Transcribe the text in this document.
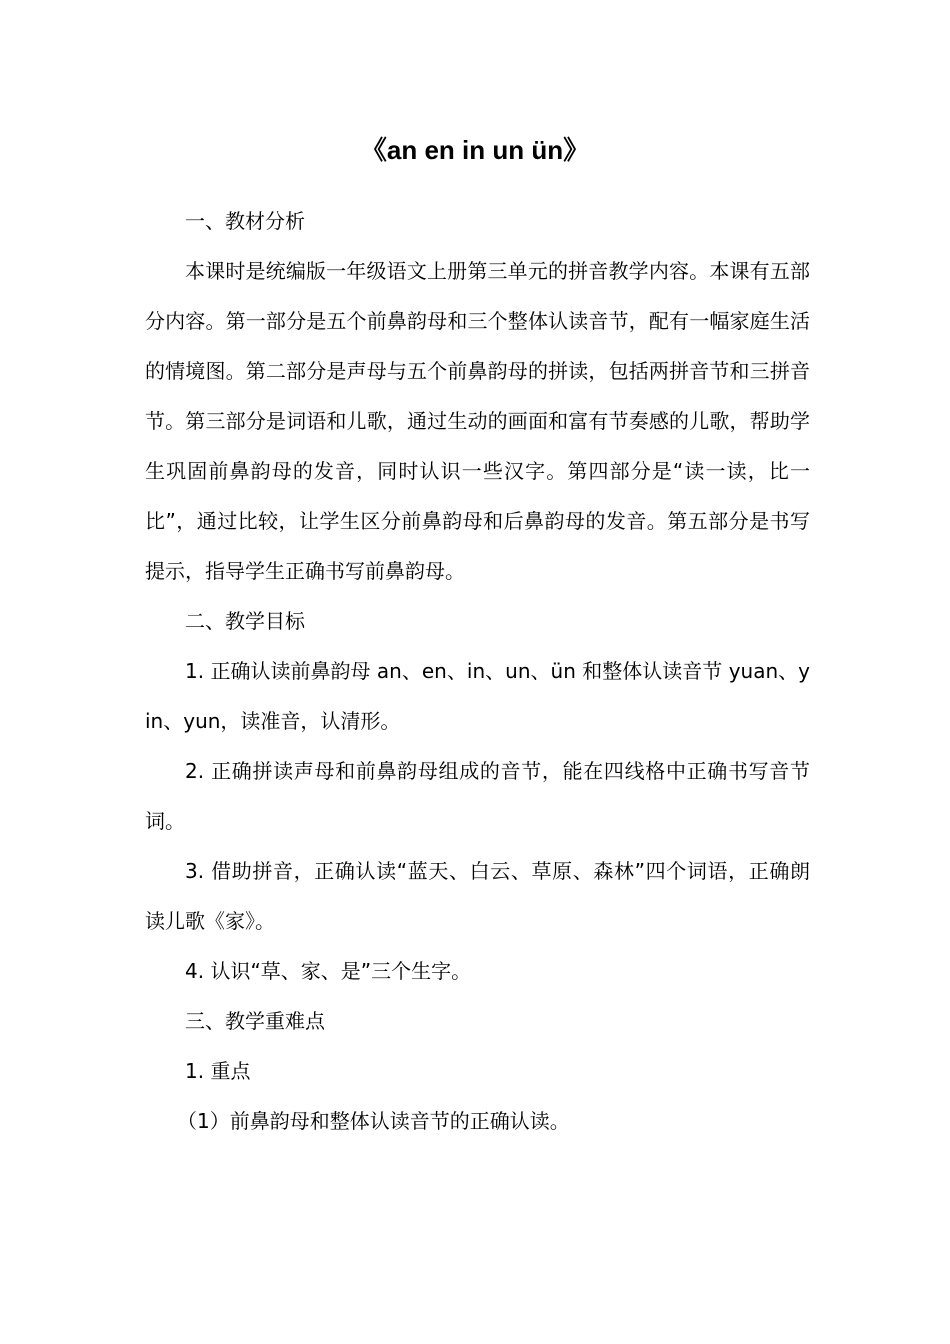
《an en in un ün》

一、教材分析

本课时是统编版一年级语文上册第三单元的拼音教学内容。本课有五部分内容。第一部分是五个前鼻韵母和三个整体认读音节，配有一幅家庭生活的情境图。第二部分是声母与五个前鼻韵母的拼读，包括两拼音节和三拼音节。第三部分是词语和儿歌，通过生动的画面和富有节奏感的儿歌，帮助学生巩固前鼻韵母的发音，同时认识一些汉字。第四部分是“读一读，比一比”，通过比较，让学生区分前鼻韵母和后鼻韵母的发音。第五部分是书写提示，指导学生正确书写前鼻韵母。

二、教学目标

1. 正确认读前鼻韵母 an、en、in、un、ün 和整体认读音节 yuan、yin、yun，读准音，认清形。

2. 正确拼读声母和前鼻韵母组成的音节，能在四线格中正确书写音节词。

3. 借助拼音，正确认读“蓝天、白云、草原、森林”四个词语，正确朗读儿歌《家》。

4. 认识“草、家、是”三个生字。

三、教学重难点

1. 重点

（1）前鼻韵母和整体认读音节的正确认读。
